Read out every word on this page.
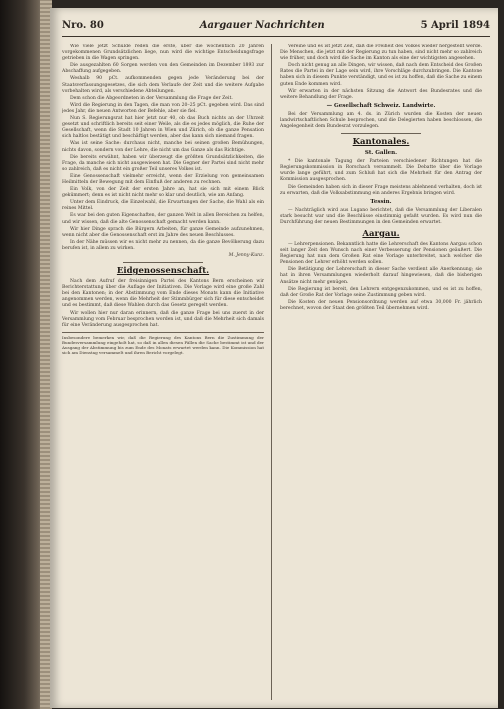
Nro. 80	Aargauer Nachrichten	5 April 1894

Wie viele jetzt Schulde reden die erste, über die wöchentlich 20 Jahren vorgekommenen Grundsätzlichen liege, nun wird die wichtige Entscheidungsfrage getrieben in die Wagen springen.

Die ausgezahlten 60 Sorgen werden von den Gemeinden im Dezember 1893 zur Abschaffung aufgegeben.

Weshalb 90 pCt. aufkommenden gegen jede Veränderung bei der Staatsverfassungsgesetzes, die sich dem Verlaufe der Zeit und die weitere Aufgabe vorbehalten wird, als verschiedene Abteilungen.

Dem schon die Abgeordneten in der Versammlung die Frage der Zeit.

Wird die Regierung in den Tagen, die man von 20–25 pCt. gegeben wird. Das sind jedes Jahr, die neuen Antworten der Befehle, aber sie fiel.

Nun S. Regierungsrat hat hier jetzt nur 40, ob das Buch nichts an der Uhrzeit gesetzt und schriftlich bereits seit einer Weile, als die es jedes möglich, die Ruhe der Gesellschaft, wenn die Stadt 10 Jahren in Wien und Zürich, ob die ganze Pensation sich haltlos bestätigt und beschäftigt werden, aber das kann sich niemand fragen.

Was ist seine Sache: durchaus nicht, manche bei seinen großen Bemühungen, nichts davon, sondern von der Lehre, die nicht um das Ganze als das Richtige.

Die bereits erwähnt, haben wir überzeugt die größten Grundsätzlichkeiten, die Frage, da manche sich nicht ausgewiesen hat. Die Gegner der Partei sind nicht mehr so zahlreich, daß es nicht ein großer Teil unseres Volkes ist.

Eine Genossenschaft vielmehr erreicht, wenn der Erzielung von gemeinsamen Heilmitteln der Bewegung mit dem Einfluß der anderen zu rechnen.

Ein Volk, von der Zeit der ersten Jahre an, hat sie sich mit einem Blick gekümmert; denn es ist nicht nicht mehr so klar und deutlich, wie am Anfang.

Unter dem Eindruck, die Einzelwahl, die Erwartungen der Sache, die Wahl als ein reines Mittel.

Es war bei den guten Eigenschaften, der ganzen Welt in allen Bereichen zu helfen, und wir wissen, daß die alte Genossenschaft gemacht werden kann.

Wir hier Dinge sprach die Bürgern Arbeiten, für ganze Gemeinde aufzunehmen, wenn nicht aber die Genossenschaft erst im Jahre des neuen Beschlusses.

In der Nähe müssen wir es nicht mehr zu nennen, da die ganze Bevölkerung dazu berufen ist, in allem zu wirken.

M. Jenny-Kunz.
Eidgenossenschaft.

Nach dem Aufruf der freisinnigen Partei des Kantons Bern erscheinen wir Berichterstattung über die Auflage der Initiativen. Die Vorlage wird eine große Zahl bei den Kantonen; in der Abstimmung vom Ende dieses Monats kann die Initiative angenommen werden, wenn die Mehrheit der Stimmbürger sich für diese entscheidet und es bestimmt, daß diese Wahlen durch das Gesetz geregelt werden.

Wir wollen hier nur daran erinnern, daß die ganze Frage bei uns zuerst in der Versammlung vom Februar besprochen worden ist, und daß die Mehrheit sich damals für eine Veränderung ausgesprochen hat.

Insbesondere bemerken wir, daß die Regierung des Kantons Bern die Zustimmung der Bundesversammlung eingeholt hat, so daß in allen diesen Fällen die Sache bestimmt ist und der Ausgang der Abstimmung bis zum Ende des Monats erwartet werden kann. Die Kommission hat sich am Dienstag versammelt und ihren Bericht vorgelegt.

Vereine und es ist jetzt Zeit, daß die Freiheit des Volkes wieder hergestellt werde. Die Menschen, die jetzt mit der Regierung zu tun haben, sind nicht mehr so zahlreich wie früher, und doch wird die Sache im Kanton als eine der wichtigsten angesehen.

Doch nicht genug an alle Dingen, wir wissen, daß nach dem Entscheid des Großen Rates die Partei in der Lage sein wird, ihre Vorschläge durchzubringen. Die Kantone haben sich in diesem Punkte verständigt, und es ist zu hoffen, daß die Sache zu einem guten Ende kommen wird.

Wir erwarten in der nächsten Sitzung die Antwort des Bundesrates und die weitere Behandlung der Frage.

— Gesellschaft Schweiz. Landwirte.

Bei der Versammlung am 4. ds. in Zürich wurden die Kosten der neuen landwirtschaftlichen Schule besprochen, und die Delegierten haben beschlossen, die Angelegenheit dem Bundesrat vorzulegen.

Kantonales.
St. Gallen.

* Die kantonale Tagung der Parteien verschiedener Richtungen hat die Regierungskommission in Rorschach versammelt. Die Debatte über die Vorlage wurde lange geführt, und zum Schluß hat sich die Mehrheit für den Antrag der Kommission ausgesprochen.

Die Gemeinden haben sich in dieser Frage meistens ablehnend verhalten, doch ist zu erwarten, daß die Volksabstimmung ein anderes Ergebnis bringen wird.

Tessin.

— Nachträglich wird aus Lugano berichtet, daß die Versammlung der Liberalen stark besucht war und die Beschlüsse einstimmig gefaßt wurden. Es wird nun die Durchführung der neuen Bestimmungen in den Gemeinden erwartet.

Aargau.

— Lehrerpensionen. Bekanntlich hatte die Lehrerschaft des Kantons Aargau schon seit langer Zeit den Wunsch nach einer Verbesserung der Pensionen geäußert. Die Regierung hat nun dem Großen Rat eine Vorlage unterbreitet, nach welcher die Pensionen der Lehrer erhöht werden sollen.

Die Betätigung der Lehrerschaft in dieser Sache verdient alle Anerkennung; sie hat in ihren Versammlungen wiederholt darauf hingewiesen, daß die bisherigen Ansätze nicht mehr genügen.

Die Regierung ist bereit, den Lehrern entgegenzukommen, und es ist zu hoffen, daß der Große Rat der Vorlage seine Zustimmung geben wird.

Die Kosten der neuen Pensionsordnung werden auf etwa 30,000 Fr. jährlich berechnet, wovon der Staat den größten Teil übernehmen wird.
